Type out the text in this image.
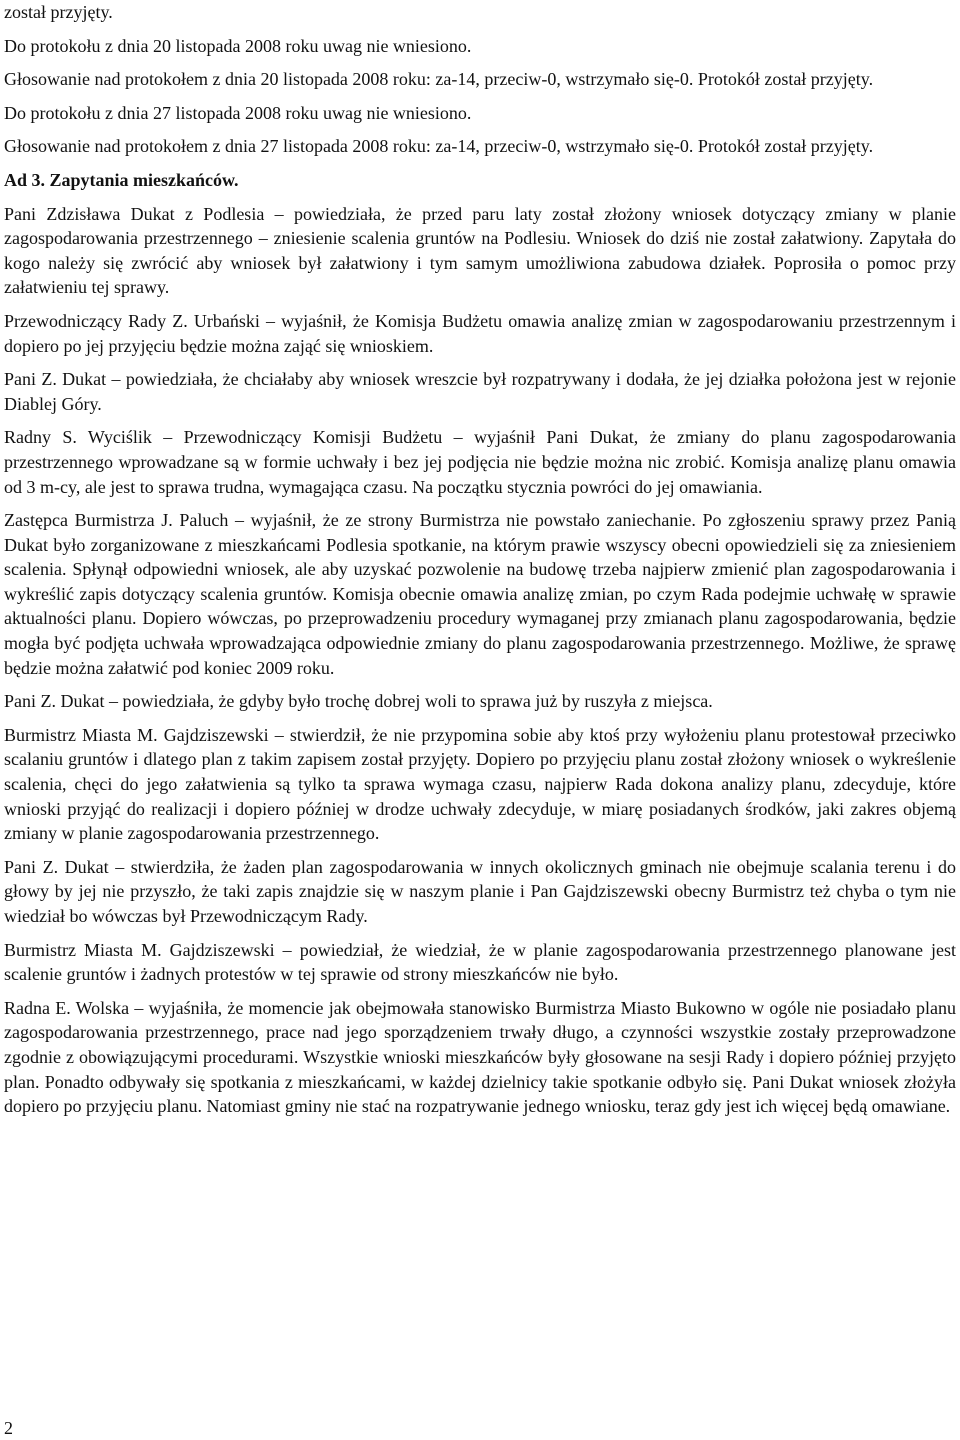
został przyjęty.

Do protokołu z dnia 20 listopada 2008 roku uwag nie wniesiono.

Głosowanie nad protokołem z dnia 20 listopada 2008 roku: za-14, przeciw-0, wstrzymało się-0. Protokół został przyjęty.

Do protokołu z dnia 27 listopada 2008 roku uwag nie wniesiono.

Głosowanie nad protokołem z dnia 27 listopada 2008 roku: za-14, przeciw-0, wstrzymało się-0. Protokół został przyjęty.

Ad 3. Zapytania mieszkańców.

Pani Zdzisława Dukat z Podlesia – powiedziała, że przed paru laty został złożony wniosek dotyczący zmiany w planie zagospodarowania przestrzennego – zniesienie scalenia gruntów na Podlesiu. Wniosek do dziś nie został załatwiony. Zapytała do kogo należy się zwrócić aby wniosek był załatwiony i tym samym umożliwiona zabudowa działek. Poprosiła o pomoc przy załatwieniu tej sprawy.

Przewodniczący Rady Z. Urbański – wyjaśnił, że Komisja Budżetu omawia analizę zmian w zagospodarowaniu przestrzennym i dopiero po jej przyjęciu będzie można zająć się wnioskiem.

Pani Z. Dukat – powiedziała, że chciałaby aby wniosek wreszcie był rozpatrywany i dodała, że jej działka położona jest w rejonie Diablej Góry.

Radny S. Wyciślik – Przewodniczący Komisji Budżetu – wyjaśnił Pani Dukat, że zmiany do planu zagospodarowania przestrzennego wprowadzane są w formie uchwały i bez jej podjęcia nie będzie można nic zrobić. Komisja analizę planu omawia od 3 m-cy, ale jest to sprawa trudna, wymagająca czasu. Na początku stycznia powróci do jej omawiania.

Zastępca Burmistrza J. Paluch – wyjaśnił, że ze strony Burmistrza nie powstało zaniechanie. Po zgłoszeniu sprawy przez Panią Dukat było zorganizowane z mieszkańcami Podlesia spotkanie, na którym prawie wszyscy obecni opowiedzieli się za zniesieniem scalenia. Spłynął odpowiedni wniosek, ale aby uzyskać pozwolenie na budowę trzeba najpierw zmienić plan zagospodarowania i wykreślić zapis dotyczący scalenia gruntów. Komisja obecnie omawia analizę zmian, po czym Rada podejmie uchwałę w sprawie aktualności planu. Dopiero wówczas, po przeprowadzeniu procedury wymaganej przy zmianach planu zagospodarowania, będzie mogła być podjęta uchwała wprowadzająca odpowiednie zmiany do planu zagospodarowania przestrzennego. Możliwe, że sprawę będzie można załatwić pod koniec 2009 roku.

Pani Z. Dukat – powiedziała, że gdyby było trochę dobrej woli to sprawa już by ruszyła z miejsca.

Burmistrz Miasta M. Gajdziszewski – stwierdził, że nie przypomina sobie aby ktoś przy wyłożeniu planu protestował przeciwko scalaniu gruntów i dlatego plan z takim zapisem został przyjęty. Dopiero po przyjęciu planu został złożony wniosek o wykreślenie scalenia, chęci do jego załatwienia są tylko ta sprawa wymaga czasu, najpierw Rada dokona analizy planu, zdecyduje, które wnioski przyjąć do realizacji i dopiero później w drodze uchwały zdecyduje, w miarę posiadanych środków, jaki zakres objemą zmiany w planie zagospodarowania przestrzennego.

Pani Z. Dukat – stwierdziła, że żaden plan zagospodarowania w innych okolicznych gminach nie obejmuje scalania terenu i do głowy by jej nie przyszło, że taki zapis znajdzie się w naszym planie i Pan Gajdziszewski obecny Burmistrz też chyba o tym nie wiedział bo wówczas był Przewodniczącym Rady.

Burmistrz Miasta M. Gajdziszewski – powiedział, że wiedział, że w planie zagospodarowania przestrzennego planowane jest scalenie gruntów i żadnych protestów w tej sprawie od strony mieszkańców nie było.

Radna E. Wolska – wyjaśniła, że momencie jak obejmowała stanowisko Burmistrza Miasto Bukowno w ogóle nie posiadało planu zagospodarowania przestrzennego, prace nad jego sporządzeniem trwały długo, a czynności wszystkie zostały przeprowadzone zgodnie z obowiązującymi procedurami. Wszystkie wnioski mieszkańców były głosowane na sesji Rady i dopiero później przyjęto plan. Ponadto odbywały się spotkania z mieszkańcami, w każdej dzielnicy takie spotkanie odbyło się. Pani Dukat wniosek złożyła dopiero po przyjęciu planu. Natomiast gminy nie stać na rozpatrywanie jednego wniosku, teraz gdy jest ich więcej będą omawiane.

2
